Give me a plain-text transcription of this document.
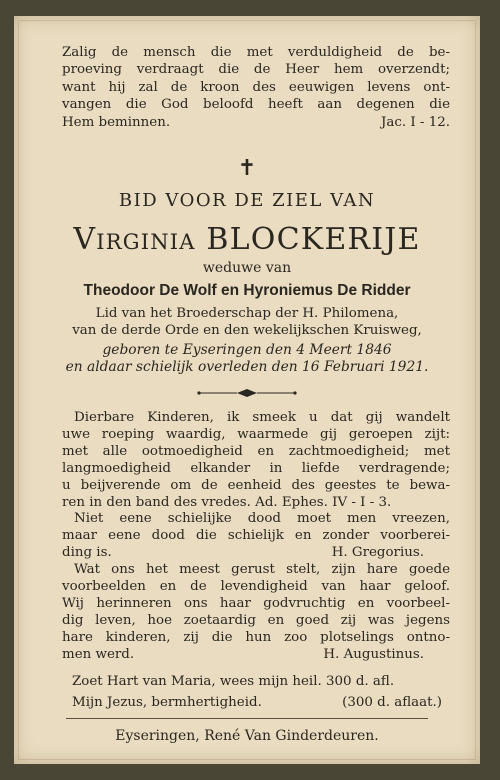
Zalig de mensch die met verduldigheid de be-
proeving verdraagt die de Heer hem overzendt;
want hij zal de kroon des eeuwigen levens ont-
vangen die God beloofd heeft aan degenen die
Hem beminnen.	Jac. I - 12.
✝
BID VOOR DE ZIEL VAN
Virginia BLOCKERIJE
weduwe van
Theodoor De Wolf en Hyroniemus De Ridder
Lid van het Broederschap der H. Philomena,
van de derde Orde en den wekelijkschen Kruisweg,
geboren te Eyseringen den 4 Meert 1846
en aldaar schielijk overleden den 16 Februari 1921.
Dierbare Kinderen, ik smeek u dat gij wandelt
uwe roeping waardig, waarmede gij geroepen zijt:
met alle ootmoedigheid en zachtmoedigheid; met
langmoedigheid elkander in liefde verdragende;
u beijverende om de eenheid des geestes te bewa-
ren in den band des vredes. Ad. Ephes. IV - I - 3.
Niet eene schielijke dood moet men vreezen,
maar eene dood die schielijk en zonder voorberei-
ding is.	H. Gregorius.
Wat ons het meest gerust stelt, zijn hare goede
voorbeelden en de levendigheid van haar geloof.
Wij herinneren ons haar godvruchtig en voorbeel-
dig leven, hoe zoetaardig en goed zij was jegens
hare kinderen, zij die hun zoo plotselings ontno-
men werd.	H. Augustinus.
Zoet Hart van Maria, wees mijn heil. 300 d. afl.
Mijn Jezus, bermhertigheid.	(300 d. aflaat.)
Eyseringen, René Van Ginderdeuren.
